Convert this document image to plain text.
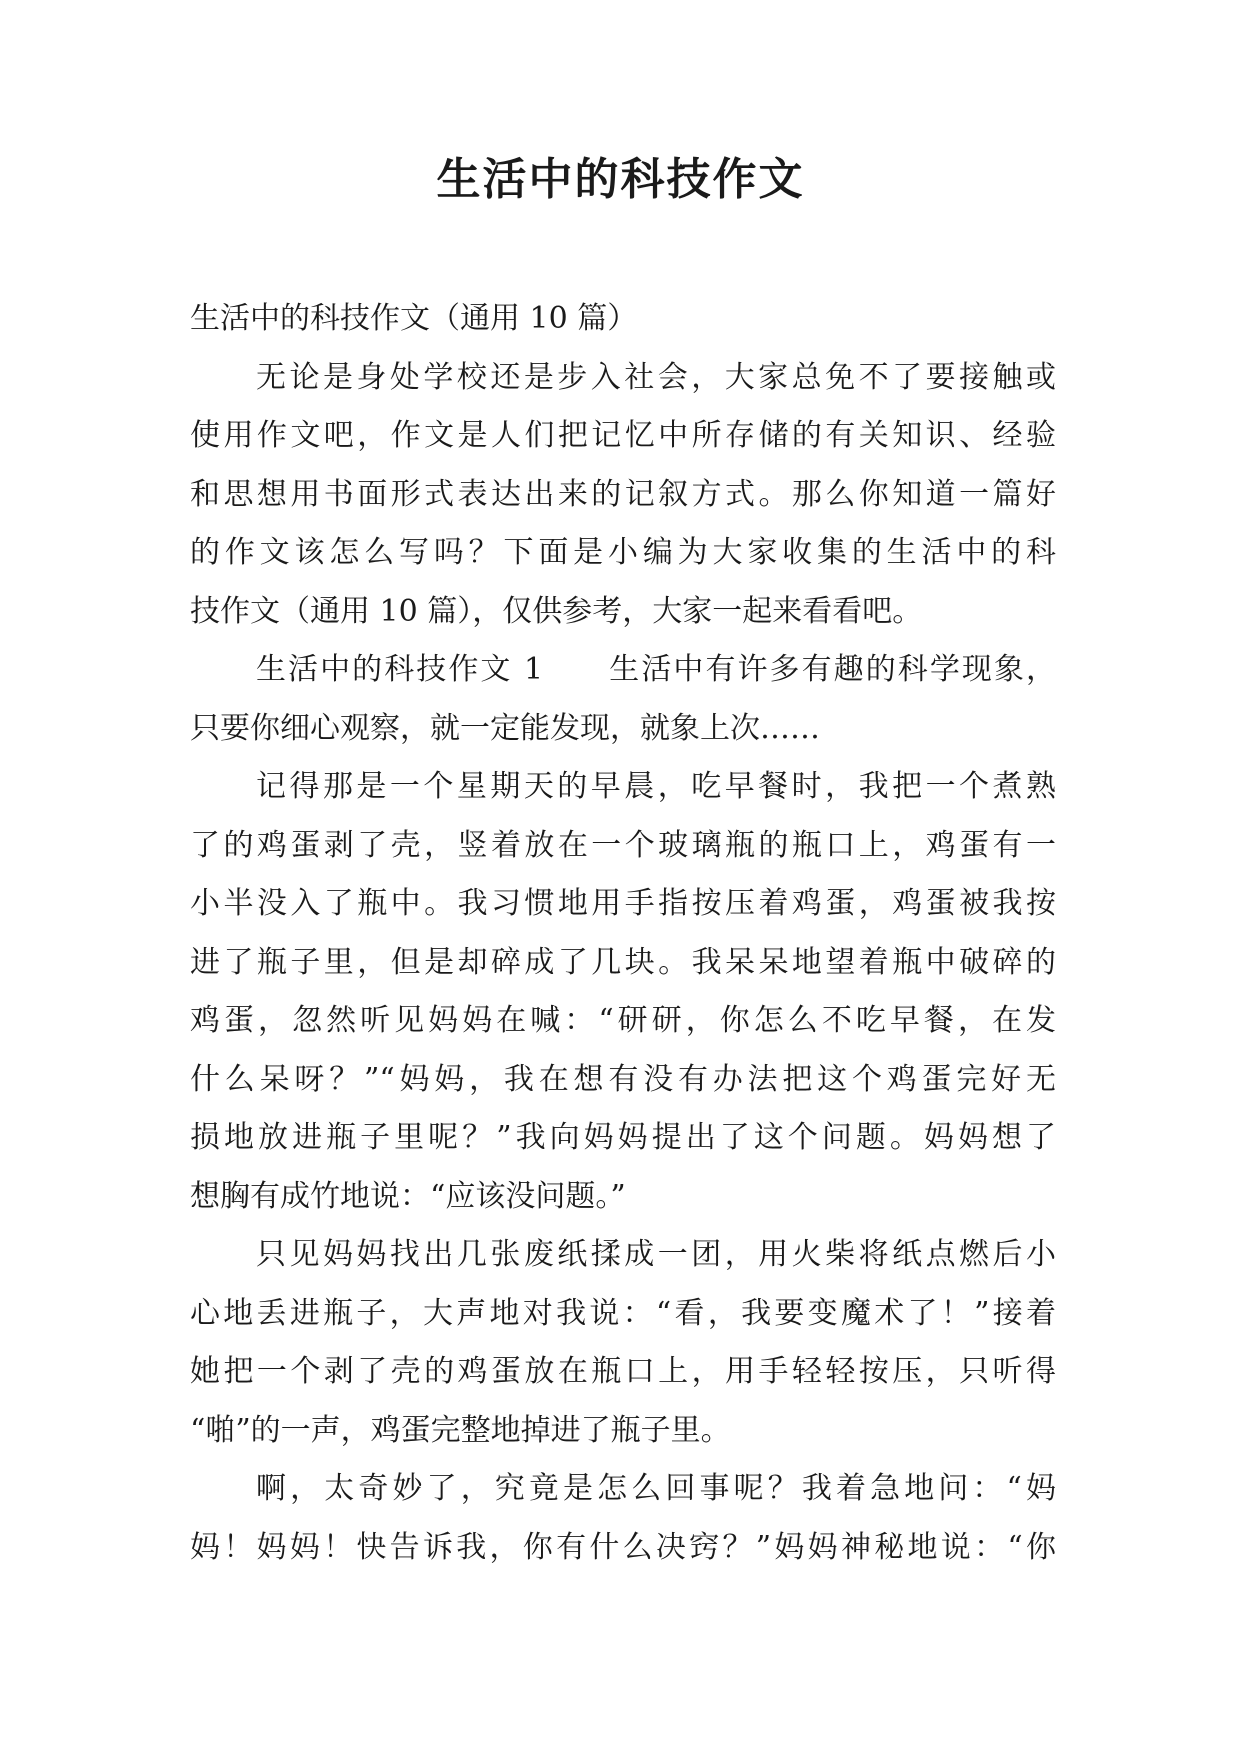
生活中的科技作文
生活中的科技作文（通用 10 篇）
无论是身处学校还是步入社会，大家总免不了要接触或
使用作文吧，作文是人们把记忆中所存储的有关知识、经验
和思想用书面形式表达出来的记叙方式。那么你知道一篇好
的作文该怎么写吗？下面是小编为大家收集的生活中的科
技作文（通用 10 篇），仅供参考，大家一起来看看吧。
生活中的科技作文 1　　生活中有许多有趣的科学现象，
只要你细心观察，就一定能发现，就象上次……
记得那是一个星期天的早晨，吃早餐时，我把一个煮熟
了的鸡蛋剥了壳，竖着放在一个玻璃瓶的瓶口上，鸡蛋有一
小半没入了瓶中。我习惯地用手指按压着鸡蛋，鸡蛋被我按
进了瓶子里，但是却碎成了几块。我呆呆地望着瓶中破碎的
鸡蛋，忽然听见妈妈在喊：“研研，你怎么不吃早餐，在发
什么呆呀？”“妈妈，我在想有没有办法把这个鸡蛋完好无
损地放进瓶子里呢？”我向妈妈提出了这个问题。妈妈想了
想胸有成竹地说：“应该没问题。”
只见妈妈找出几张废纸揉成一团，用火柴将纸点燃后小
心地丢进瓶子，大声地对我说：“看，我要变魔术了！”接着
她把一个剥了壳的鸡蛋放在瓶口上，用手轻轻按压，只听得
“啪”的一声，鸡蛋完整地掉进了瓶子里。
啊，太奇妙了，究竟是怎么回事呢？我着急地问：“妈
妈！妈妈！快告诉我，你有什么决窍？”妈妈神秘地说：“你
